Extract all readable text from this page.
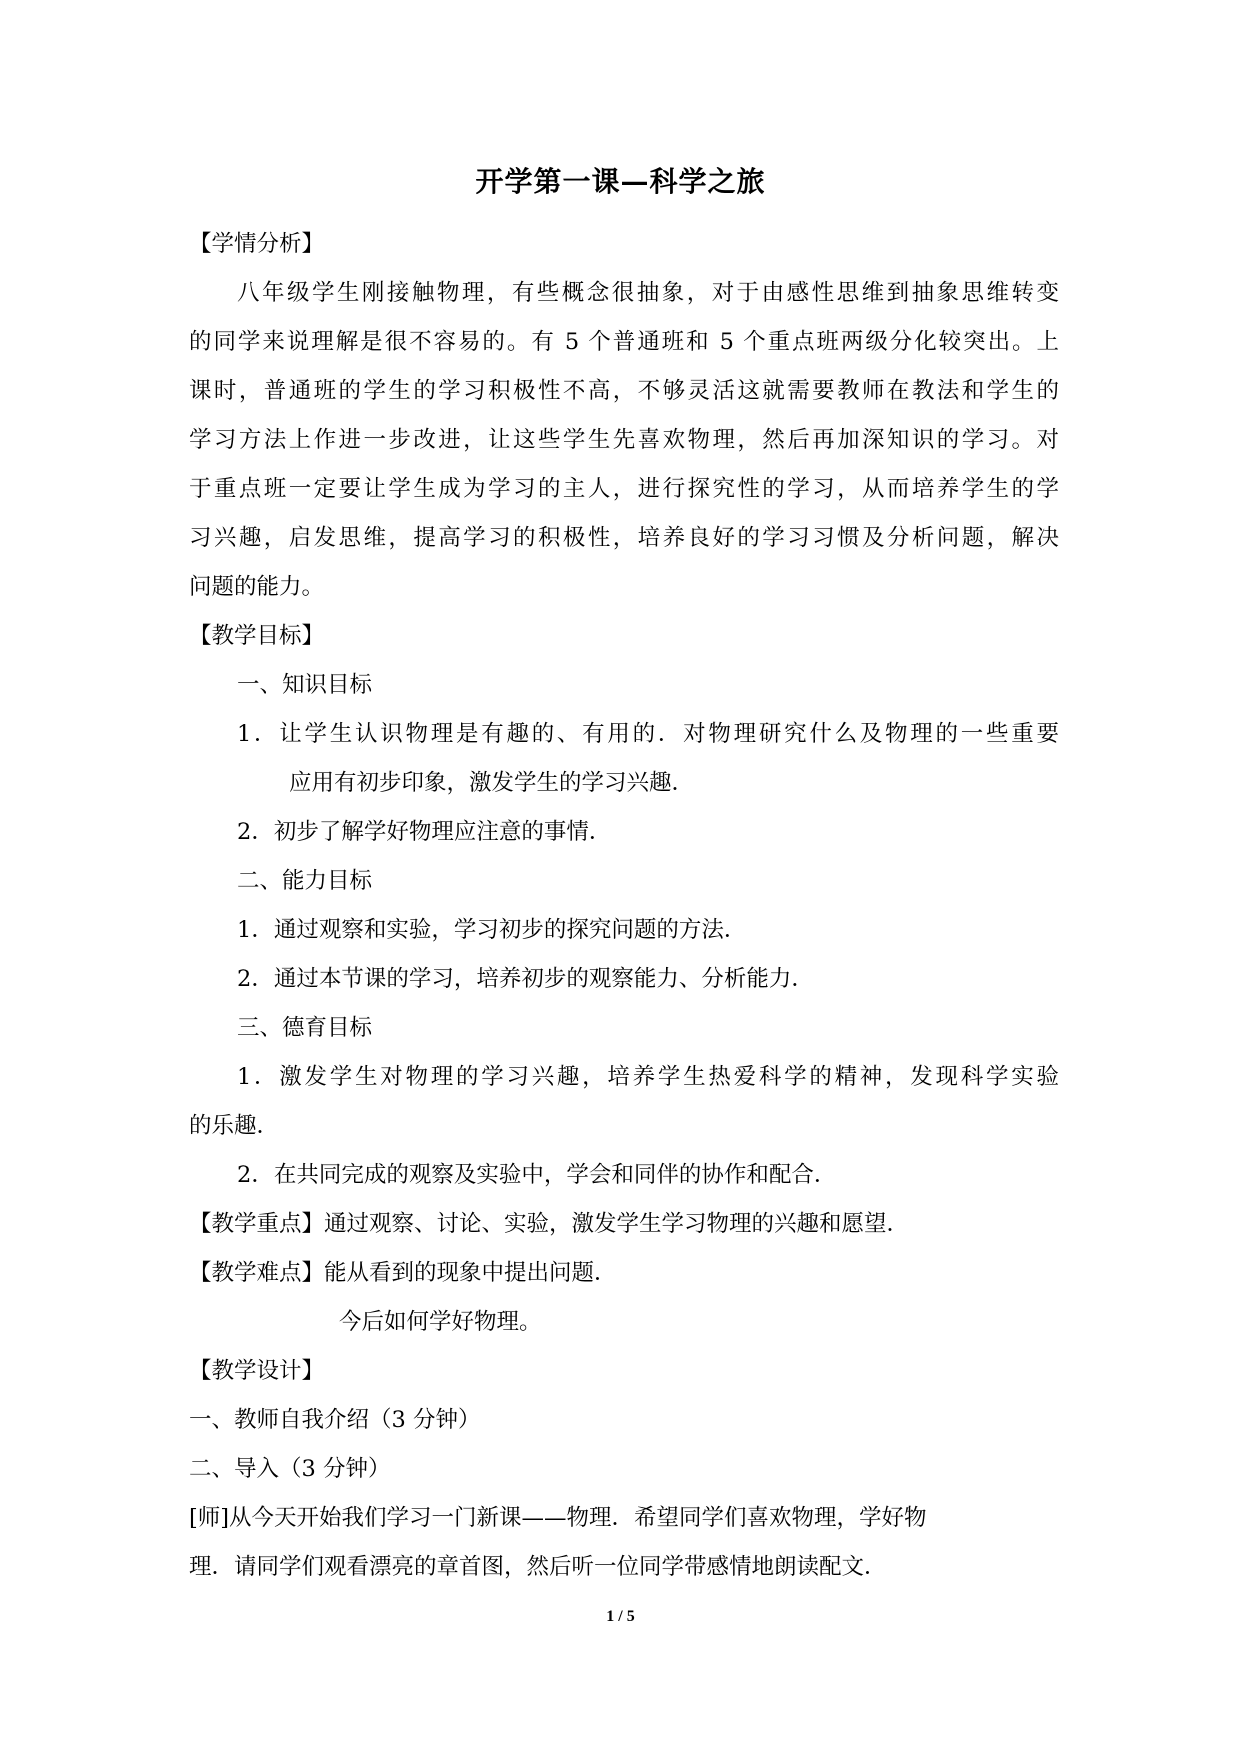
开学第一课—科学之旅
【学情分析】
八年级学生刚接触物理，有些概念很抽象，对于由感性思维到抽象思维转变
的同学来说理解是很不容易的。有 5 个普通班和 5 个重点班两级分化较突出。上
课时，普通班的学生的学习积极性不高，不够灵活这就需要教师在教法和学生的
学习方法上作进一步改进，让这些学生先喜欢物理，然后再加深知识的学习。对
于重点班一定要让学生成为学习的主人，进行探究性的学习，从而培养学生的学
习兴趣，启发思维，提高学习的积极性，培养良好的学习习惯及分析问题，解决
问题的能力。
【教学目标】
一、知识目标
1．让学生认识物理是有趣的、有用的．对物理研究什么及物理的一些重要
应用有初步印象，激发学生的学习兴趣．
2．初步了解学好物理应注意的事情．
二、能力目标
1．通过观察和实验，学习初步的探究问题的方法．
2．通过本节课的学习，培养初步的观察能力、分析能力．
三、德育目标
1．激发学生对物理的学习兴趣，培养学生热爱科学的精神，发现科学实验
的乐趣．
2．在共同完成的观察及实验中，学会和同伴的协作和配合．
【教学重点】通过观察、讨论、实验，激发学生学习物理的兴趣和愿望．
【教学难点】能从看到的现象中提出问题．
今后如何学好物理。
【教学设计】
一、教师自我介绍（3 分钟）
二、导入（3 分钟）
[师]从今天开始我们学习一门新课——物理．希望同学们喜欢物理，学好物
理．请同学们观看漂亮的章首图，然后听一位同学带感情地朗读配文．
1 / 5
